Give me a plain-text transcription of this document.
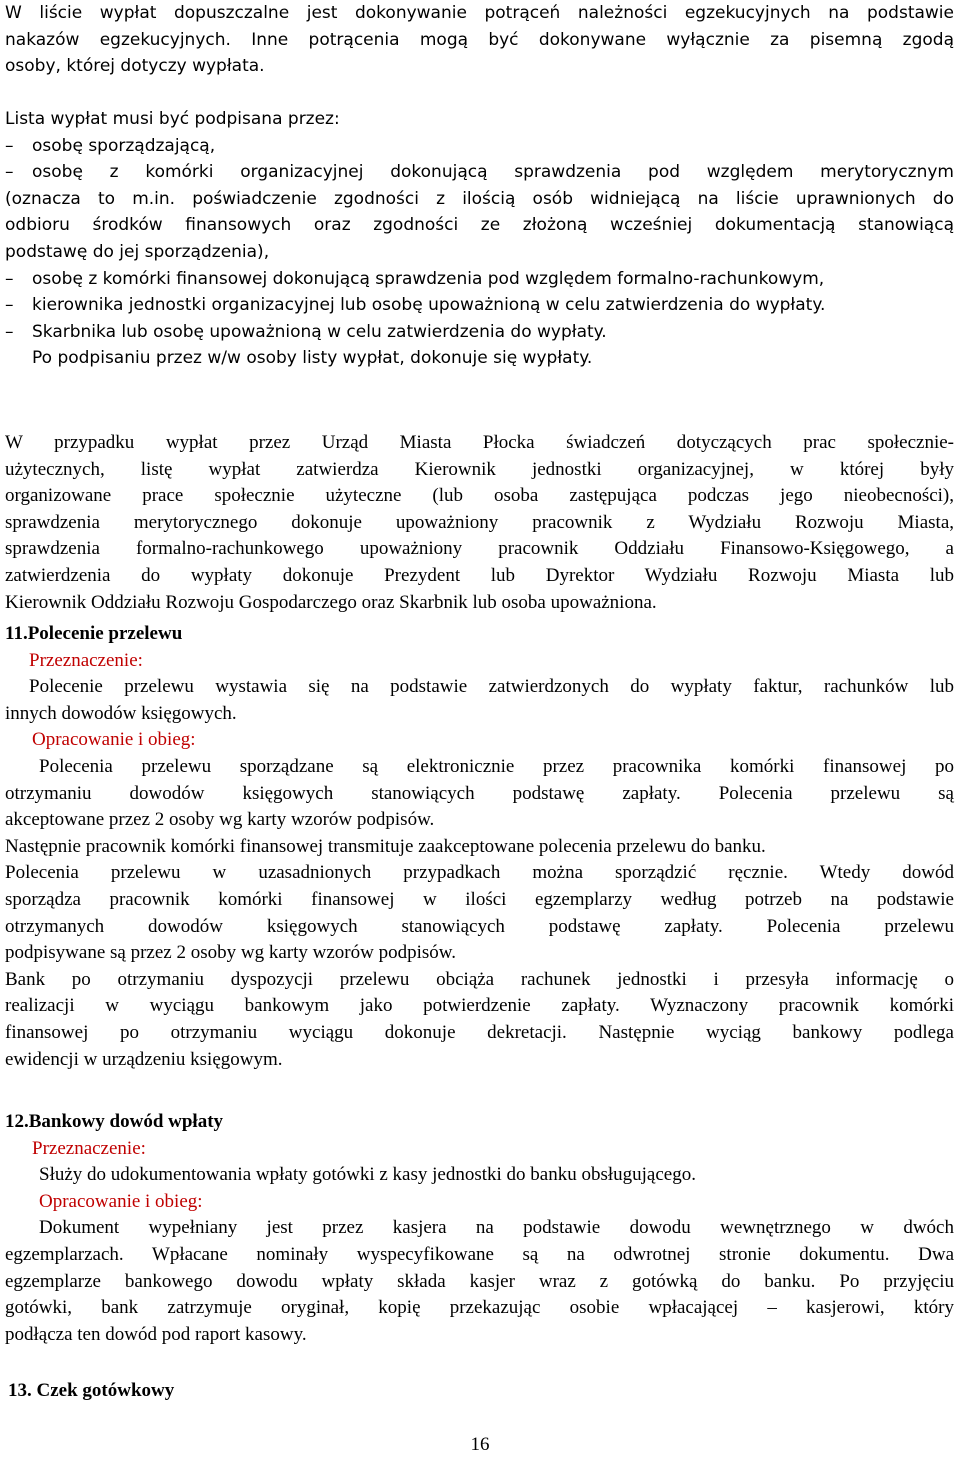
W liście wypłat dopuszczalne jest dokonywanie potrąceń należności egzekucyjnych na podstawie
nakazów egzekucyjnych. Inne potrącenia mogą być dokonywane wyłącznie za pisemną zgodą
osoby, której dotyczy wypłata.
Lista wypłat musi być podpisana przez:
–	osobę sporządzającą,
–	osobę z komórki organizacyjnej dokonującą sprawdzenia pod względem merytorycznym
(oznacza to m.in. poświadczenie zgodności z ilością osób widniejącą na liście uprawnionych do
odbioru środków finansowych oraz zgodności ze złożoną wcześniej dokumentacją stanowiącą
podstawę do jej sporządzenia),
–	osobę z komórki finansowej dokonującą sprawdzenia pod względem formalno-rachunkowym,
–	kierownika jednostki organizacyjnej lub osobę upoważnioną w celu zatwierdzenia do wypłaty.
–	Skarbnika lub osobę upoważnioną w celu zatwierdzenia do wypłaty.
Po podpisaniu przez w/w osoby listy wypłat, dokonuje się wypłaty.
W przypadku wypłat przez Urząd Miasta Płocka świadczeń dotyczących prac społecznie-
użytecznych, listę wypłat zatwierdza Kierownik jednostki organizacyjnej, w której były
organizowane prace społecznie użyteczne (lub osoba zastępująca podczas jego nieobecności),
sprawdzenia merytorycznego dokonuje upoważniony pracownik z Wydziału Rozwoju Miasta,
sprawdzenia formalno-rachunkowego upoważniony pracownik Oddziału Finansowo-Księgowego, a
zatwierdzenia do wypłaty dokonuje Prezydent lub Dyrektor Wydziału Rozwoju Miasta lub
Kierownik Oddziału Rozwoju Gospodarczego oraz Skarbnik lub osoba upoważniona.
11.Polecenie przelewu
Przeznaczenie:
Polecenie przelewu wystawia się na podstawie zatwierdzonych do wypłaty faktur, rachunków lub
innych dowodów księgowych.
Opracowanie i obieg:
Polecenia przelewu sporządzane są elektronicznie przez pracownika komórki finansowej po
otrzymaniu dowodów księgowych stanowiących podstawę zapłaty. Polecenia przelewu są
akceptowane przez 2 osoby wg karty wzorów podpisów.
Następnie pracownik komórki finansowej transmituje zaakceptowane polecenia przelewu do banku.
Polecenia przelewu w uzasadnionych przypadkach można sporządzić ręcznie. Wtedy dowód
sporządza pracownik komórki finansowej w ilości egzemplarzy według potrzeb na podstawie
otrzymanych dowodów księgowych stanowiących podstawę zapłaty. Polecenia przelewu
podpisywane są przez 2 osoby wg karty wzorów podpisów.
Bank po otrzymaniu dyspozycji przelewu obciąża rachunek jednostki i przesyła informację o
realizacji w wyciągu bankowym jako potwierdzenie zapłaty. Wyznaczony pracownik komórki
finansowej po otrzymaniu wyciągu dokonuje dekretacji. Następnie wyciąg bankowy podlega
ewidencji w urządzeniu księgowym.
12.Bankowy dowód wpłaty
Przeznaczenie:
Służy do udokumentowania wpłaty gotówki z kasy jednostki do banku obsługującego.
Opracowanie i obieg:
Dokument wypełniany jest przez kasjera na podstawie dowodu wewnętrznego w dwóch
egzemplarzach. Wpłacane nominały wyspecyfikowane są na odwrotnej stronie dokumentu. Dwa
egzemplarze bankowego dowodu wpłaty składa kasjer wraz z gotówką do banku. Po przyjęciu
gotówki, bank zatrzymuje oryginał, kopię przekazując osobie wpłacającej – kasjerowi, który
podłącza ten dowód pod raport kasowy.
13. Czek gotówkowy
16
